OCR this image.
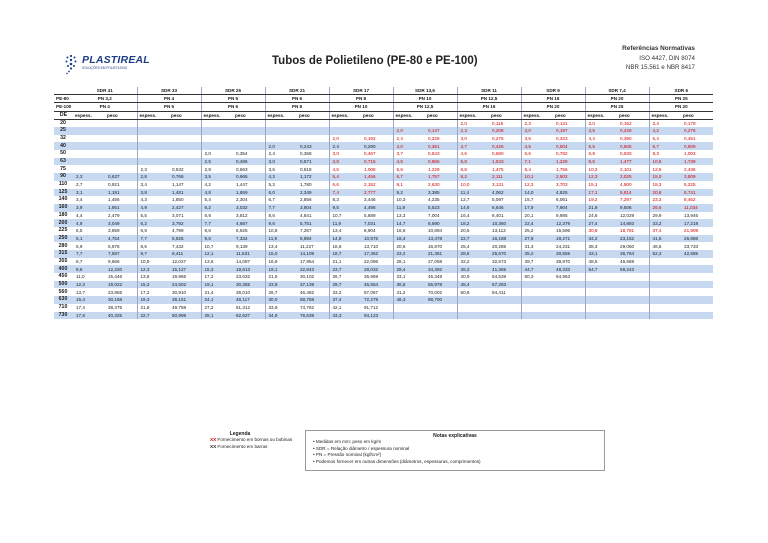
PLASTIREAL
SOLUÇÕES EM POLIETILENO
Tubos de Polietileno (PE-80 e PE-100)
Referências Normativas
ISO 4427, DIN 8074
NBR 15.561 e NBR 8417
	SDR 41		SDR 33		SDR 26		SDR 21		SDR 17		SDR 13,6		SDR 11		SDR 9		SDR 7,4		SDR 6	
PE-80	PN 3,2		PN 4		PN 5		PN 6		PN 8		PN 10		PN 12,5		PN 16		PN 20		PN 25	
PE-100	PN 4		PN 5		PN 6		PN 8		PN 10		PN 12,5		PN 16		PN 20		PN 25		PN 20	
DE	espess.	peso	espess.	peso	espess.	peso	espess.	peso	espess.	peso	espess.	peso	espess.	peso	espess.	peso	espess.	peso	espess.	peso
20													2,0	0,116	2,3	0,131	3,0	0,152	3,4	0,179
25											2,0	0,147	2,3	0,208	3,0	0,197	3,5	0,228	4,2	0,276
32									2,0	0,192	2,4	0,228	3,0	0,275	3,6	0,323	4,4	0,390	5,4	0,451
40							2,0	0,243	2,4	0,290	3,0	0,351	3,7	0,425	4,5	0,504	5,5	0,605	6,7	0,609
50					2,0	0,354	2,4	0,368	3,0	0,467	3,7	0,543	4,6	0,680	5,6	0,782	6,9	0,930	8,3	1,003
63					2,5	0,486	3,0	0,571	3,8	0,715	4,6	0,866	5,8	1,043	7,1	1,228	8,6	1,477	10,5	1,739
75			2,3	0,532	2,9	0,663	3,6	0,818	4,5	1,008	5,6	1,229	6,8	1,475	8,4	1,756	10,3	2,101	12,5	2,436
90	2,3	0,637	2,8	0,768	3,5	0,965	4,3	1,172	5,4	1,456	6,7	1,757	8,2	2,111	10,1	2,502	12,3	3,025	15,0	3,509
110	2,7	0,921	3,4	1,147	4,2	1,447	5,3	1,780	6,6	2,152	8,1	2,630	10,0	3,131	12,3	3,703	15,1	4,500	18,3	5,225
125	3,1	1,191	3,8	1,481	4,8	1,859	6,0	2,349	7,4	2,777	9,2	3,385	11,4	4,062	14,0	4,825	17,1	5,814	20,8	6,741
140	3,4	1,456	4,3	1,850	5,4	2,304	6,7	2,856	8,3	3,446	10,3	4,235	12,7	5,097	15,7	6,061	19,2	7,297	23,3	8,462
160	3,9	1,951	4,9	2,427	6,2	3,032	7,7	3,804	9,5	4,498	11,8	5,523	14,6	6,646	17,9	7,904	21,9	9,506	26,6	11,034
180	4,4	2,479	5,5	3,071	6,9	3,812	8,6	4,841	10,7	5,689	13,3	7,004	16,4	8,401	20,1	9,985	24,6	12,029	29,9	13,946
200	4,9	3,049	6,2	3,792	7,7	4,687	9,6	5,751	11,9	7,031	14,7	8,590	18,2	10,360	22,4	12,379	27,4	14,893	33,2	17,218
225	5,5	3,859	6,9	4,799	8,6	5,925	10,8	7,267	13,4	8,904	16,6	10,894	20,5	13,113	25,2	15,596	30,8	18,791	37,4	21,909
250	6,1	4,764	7,7	5,925	9,6	7,334	11,9	8,894	14,8	10,975	18,4	13,478	22,7	16,188	27,9	19,271	34,2	23,152	41,5	26,886
280	6,9	5,976	8,6	7,432	10,7	9,139	13,4	11,227	16,6	13,710	20,6	16,870	25,4	20,285	31,3	24,231	38,3	29,060	46,5	33,733
315	7,7	7,587	9,7	9,411	12,1	11,631	15,0	14,109	18,7	17,362	23,2	21,361	28,6	25,670	35,2	30,555	43,1	36,764	52,3	42,685
355	8,7	9,666	10,9	12,027	13,6	14,087	16,9	17,954	21,1	22,096	26,1	27,058	32,2	32,573	39,7	38,870	48,5	46,669		
400	9,8	12,220	12,3	15,127	15,3	18,613	19,1	22,843	23,7	28,032	29,4	34,392	36,3	41,365	44,7	49,333	54,7	59,243		
450	11,0	15,446	13,8	19,965	17,2	23,632	21,5	30,102	26,7	36,969	33,1	45,348	40,9	54,539	50,3	64,953				
500	12,3	19,022	15,3	24,502	19,1	30,355	23,9	37,139	29,7	45,554	36,8	55,978	45,4	67,283						
560	13,7	23,855	17,2	30,910	21,4	38,010	26,7	46,482	33,2	57,067	41,2	70,002	50,8	84,411						
630	15,4	30,168	19,3	39,151	24,1	48,117	30,0	58,758	37,4	72,279	46,3	88,700								
710	17,4	38,375	21,8	49,759	27,2	61,312	33,9	74,762	42,1	91,712										
730	17,8	40,325	22,7	50,999	28,1	62,627	34,9	76,639	43,3	94,123										
Legenda
XX Fornecimento em bornas ou bobinas
XX Fornecimento em barras
Notas explicativas
• Medidas em mm; peso em kg/m
• SDR = Relação diâmetro / espessura nominal
• PN = Pressão nominal (kgf/cm²)
• Podemos fornecer em outras dimensões (diâmetros, espessuras, comprimentos)
